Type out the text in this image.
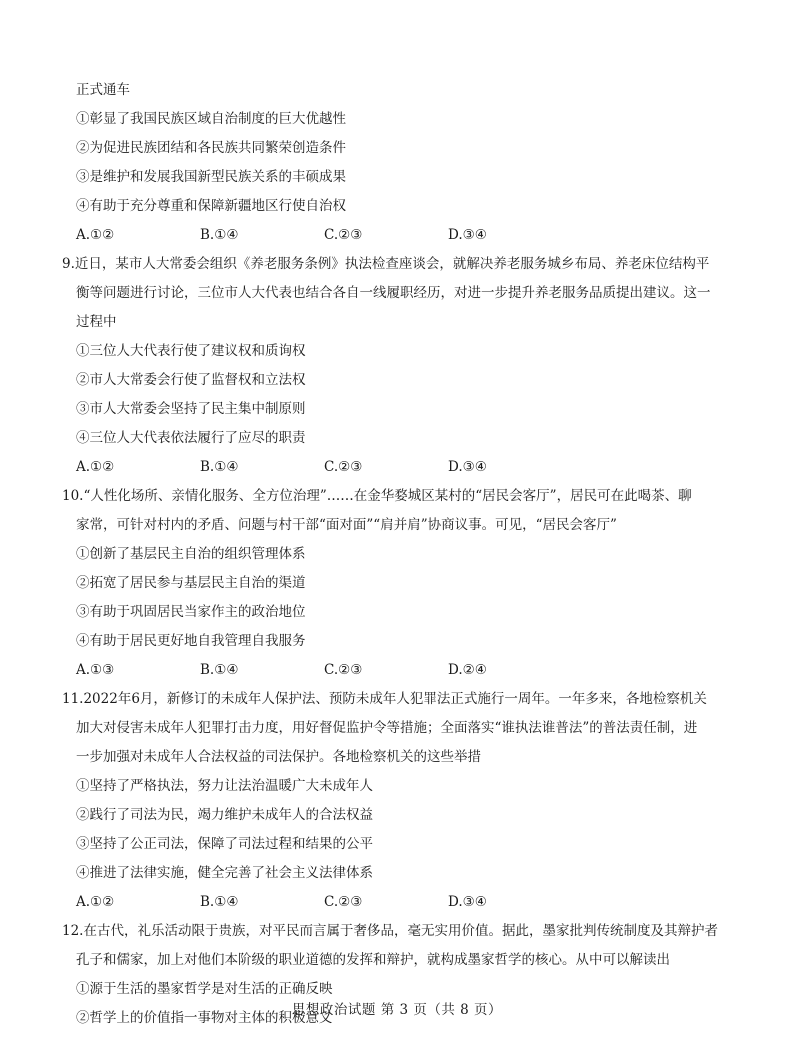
正式通车
①彰显了我国民族区域自治制度的巨大优越性
②为促进民族团结和各民族共同繁荣创造条件
③是维护和发展我国新型民族关系的丰硕成果
④有助于充分尊重和保障新疆地区行使自治权
A.①②	B.①④	C.②③	D.③④
9.近日，某市人大常委会组织《养老服务条例》执法检查座谈会，就解决养老服务城乡布局、养老床位结构平
衡等问题进行讨论，三位市人大代表也结合各自一线履职经历，对进一步提升养老服务品质提出建议。这一
过程中
①三位人大代表行使了建议权和质询权
②市人大常委会行使了监督权和立法权
③市人大常委会坚持了民主集中制原则
④三位人大代表依法履行了应尽的职责
A.①②	B.①④	C.②③	D.③④
10.“人性化场所、亲情化服务、全方位治理”……在金华婺城区某村的“居民会客厅”，居民可在此喝茶、聊
家常，可针对村内的矛盾、问题与村干部“面对面”“肩并肩”协商议事。可见，“居民会客厅”
①创新了基层民主自治的组织管理体系
②拓宽了居民参与基层民主自治的渠道
③有助于巩固居民当家作主的政治地位
④有助于居民更好地自我管理自我服务
A.①③	B.①④	C.②③	D.②④
11.2022年6月，新修订的未成年人保护法、预防未成年人犯罪法正式施行一周年。一年多来，各地检察机关
加大对侵害未成年人犯罪打击力度，用好督促监护令等措施；全面落实“谁执法谁普法”的普法责任制，进
一步加强对未成年人合法权益的司法保护。各地检察机关的这些举措
①坚持了严格执法，努力让法治温暖广大未成年人
②践行了司法为民，竭力维护未成年人的合法权益
③坚持了公正司法，保障了司法过程和结果的公平
④推进了法律实施，健全完善了社会主义法律体系
A.①②	B.①④	C.②③	D.③④
12.在古代，礼乐活动限于贵族，对平民而言属于奢侈品，毫无实用价值。据此，墨家批判传统制度及其辩护者
孔子和儒家，加上对他们本阶级的职业道德的发挥和辩护，就构成墨家哲学的核心。从中可以解读出
①源于生活的墨家哲学是对生活的正确反映
②哲学上的价值指一事物对主体的积极意义
思想政治试题 第 3 页（共 8 页）
